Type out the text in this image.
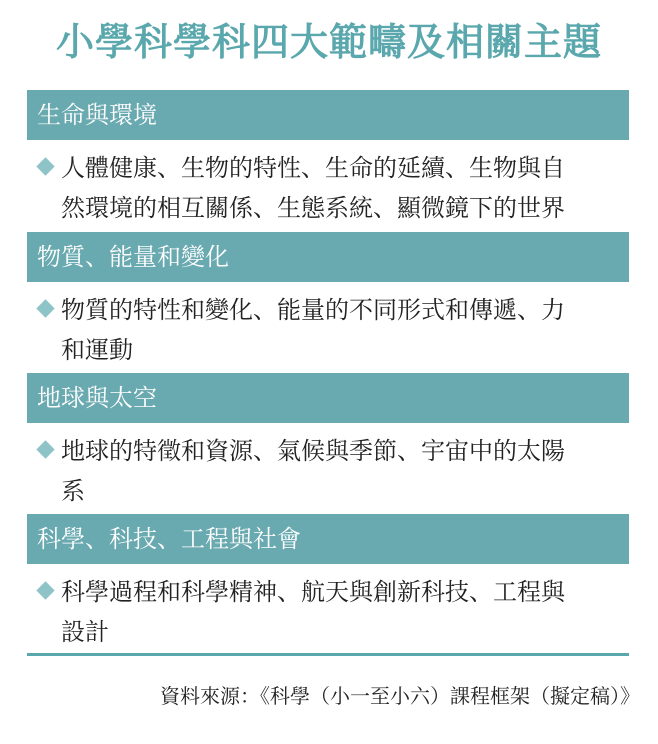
小學科學科四大範疇及相關主題
生命與環境
人體健康、生物的特性、生命的延續、生物與自
然環境的相互關係、生態系統、顯微鏡下的世界
物質、能量和變化
物質的特性和變化、能量的不同形式和傳遞、力
和運動
地球與太空
地球的特徵和資源、氣候與季節、宇宙中的太陽
系
科學、科技、工程與社會
科學過程和科學精神、航天與創新科技、工程與
設計
資料來源：《科學（小一至小六）課程框架（擬定稿）》
